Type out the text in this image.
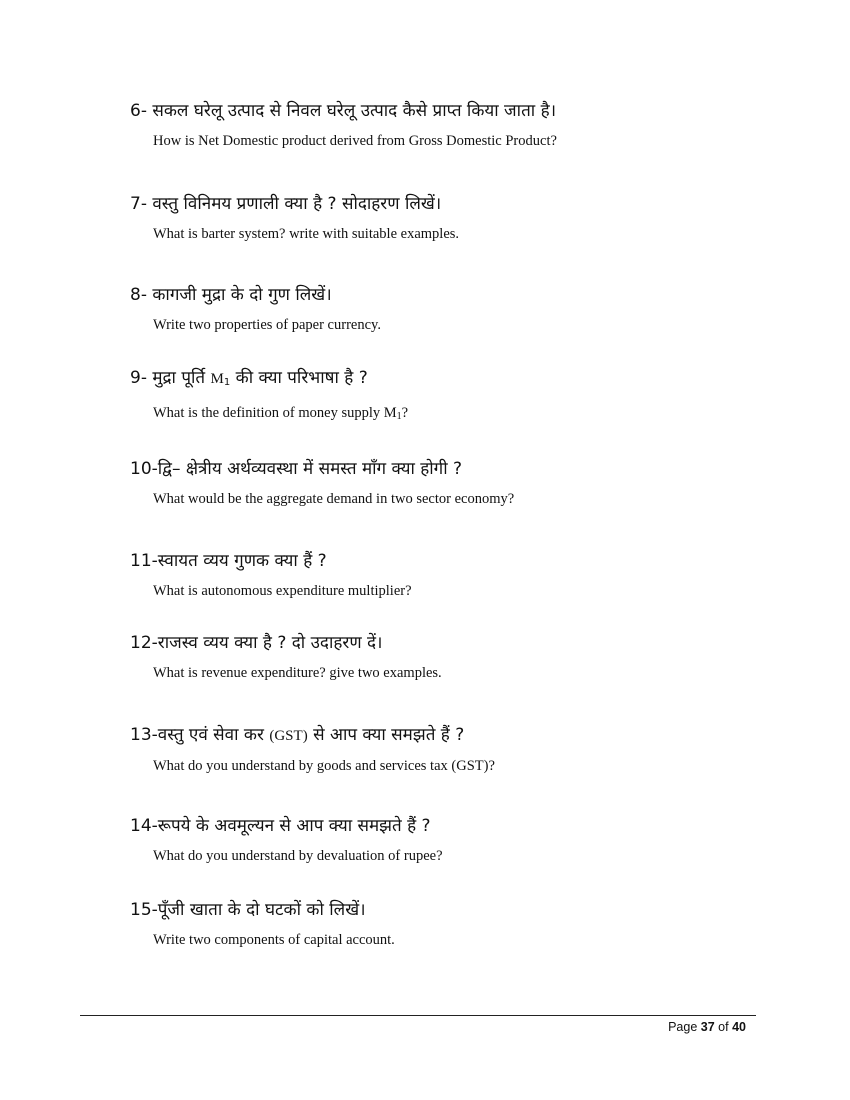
6- सकल घरेलू उत्पाद से निवल घरेलू उत्पाद कैसे प्राप्त किया जाता है।
How is Net Domestic product derived from Gross Domestic Product?
7- वस्तु विनिमय प्रणाली क्या है ? सोदाहरण लिखें।
What is barter system? write with suitable examples.
8- कागजी मुद्रा के दो गुण लिखें।
Write two properties of paper currency.
9- मुद्रा पूर्ति $M_1$ की क्या परिभाषा है ?
What is the definition of money supply $M_1$?
10-द्वि– क्षेत्रीय अर्थव्यवस्था में समस्त माँग क्या होगी ?
What would be the aggregate demand in two sector economy?
11-स्वायत व्यय गुणक क्या हैं ?
What is autonomous expenditure multiplier?
12-राजस्व व्यय क्या है ? दो उदाहरण दें।
What is revenue expenditure? give two examples.
13-वस्तु एवं सेवा कर (GST) से आप क्या समझते हैं ?
What do you understand by goods and services tax (GST)?
14-रूपये के अवमूल्यन से आप क्या समझते हैं ?
What do you understand by devaluation of rupee?
15-पूँजी खाता के दो घटकों को लिखें।
Write two components of capital account.
Page 37 of 40
